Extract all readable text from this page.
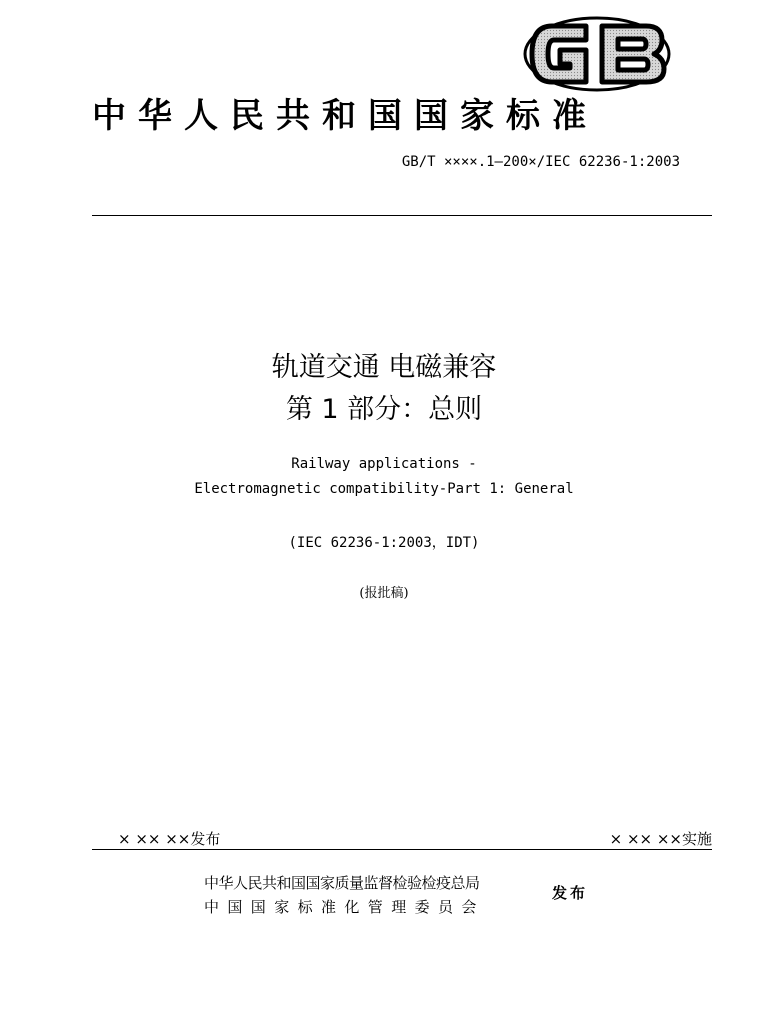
中华人民共和国国家标准
GB/T ××××.1—200×/IEC 62236-1:2003
轨道交通 电磁兼容
第 1 部分：总则
Railway applications -
Electromagnetic compatibility-Part 1: General
(IEC 62236-1:2003，IDT)
(报批稿)
× ×× ××发布	× ×× ××实施
中华人民共和国国家质量监督检验检疫总局
中国国家标准化管理委员会
发布
